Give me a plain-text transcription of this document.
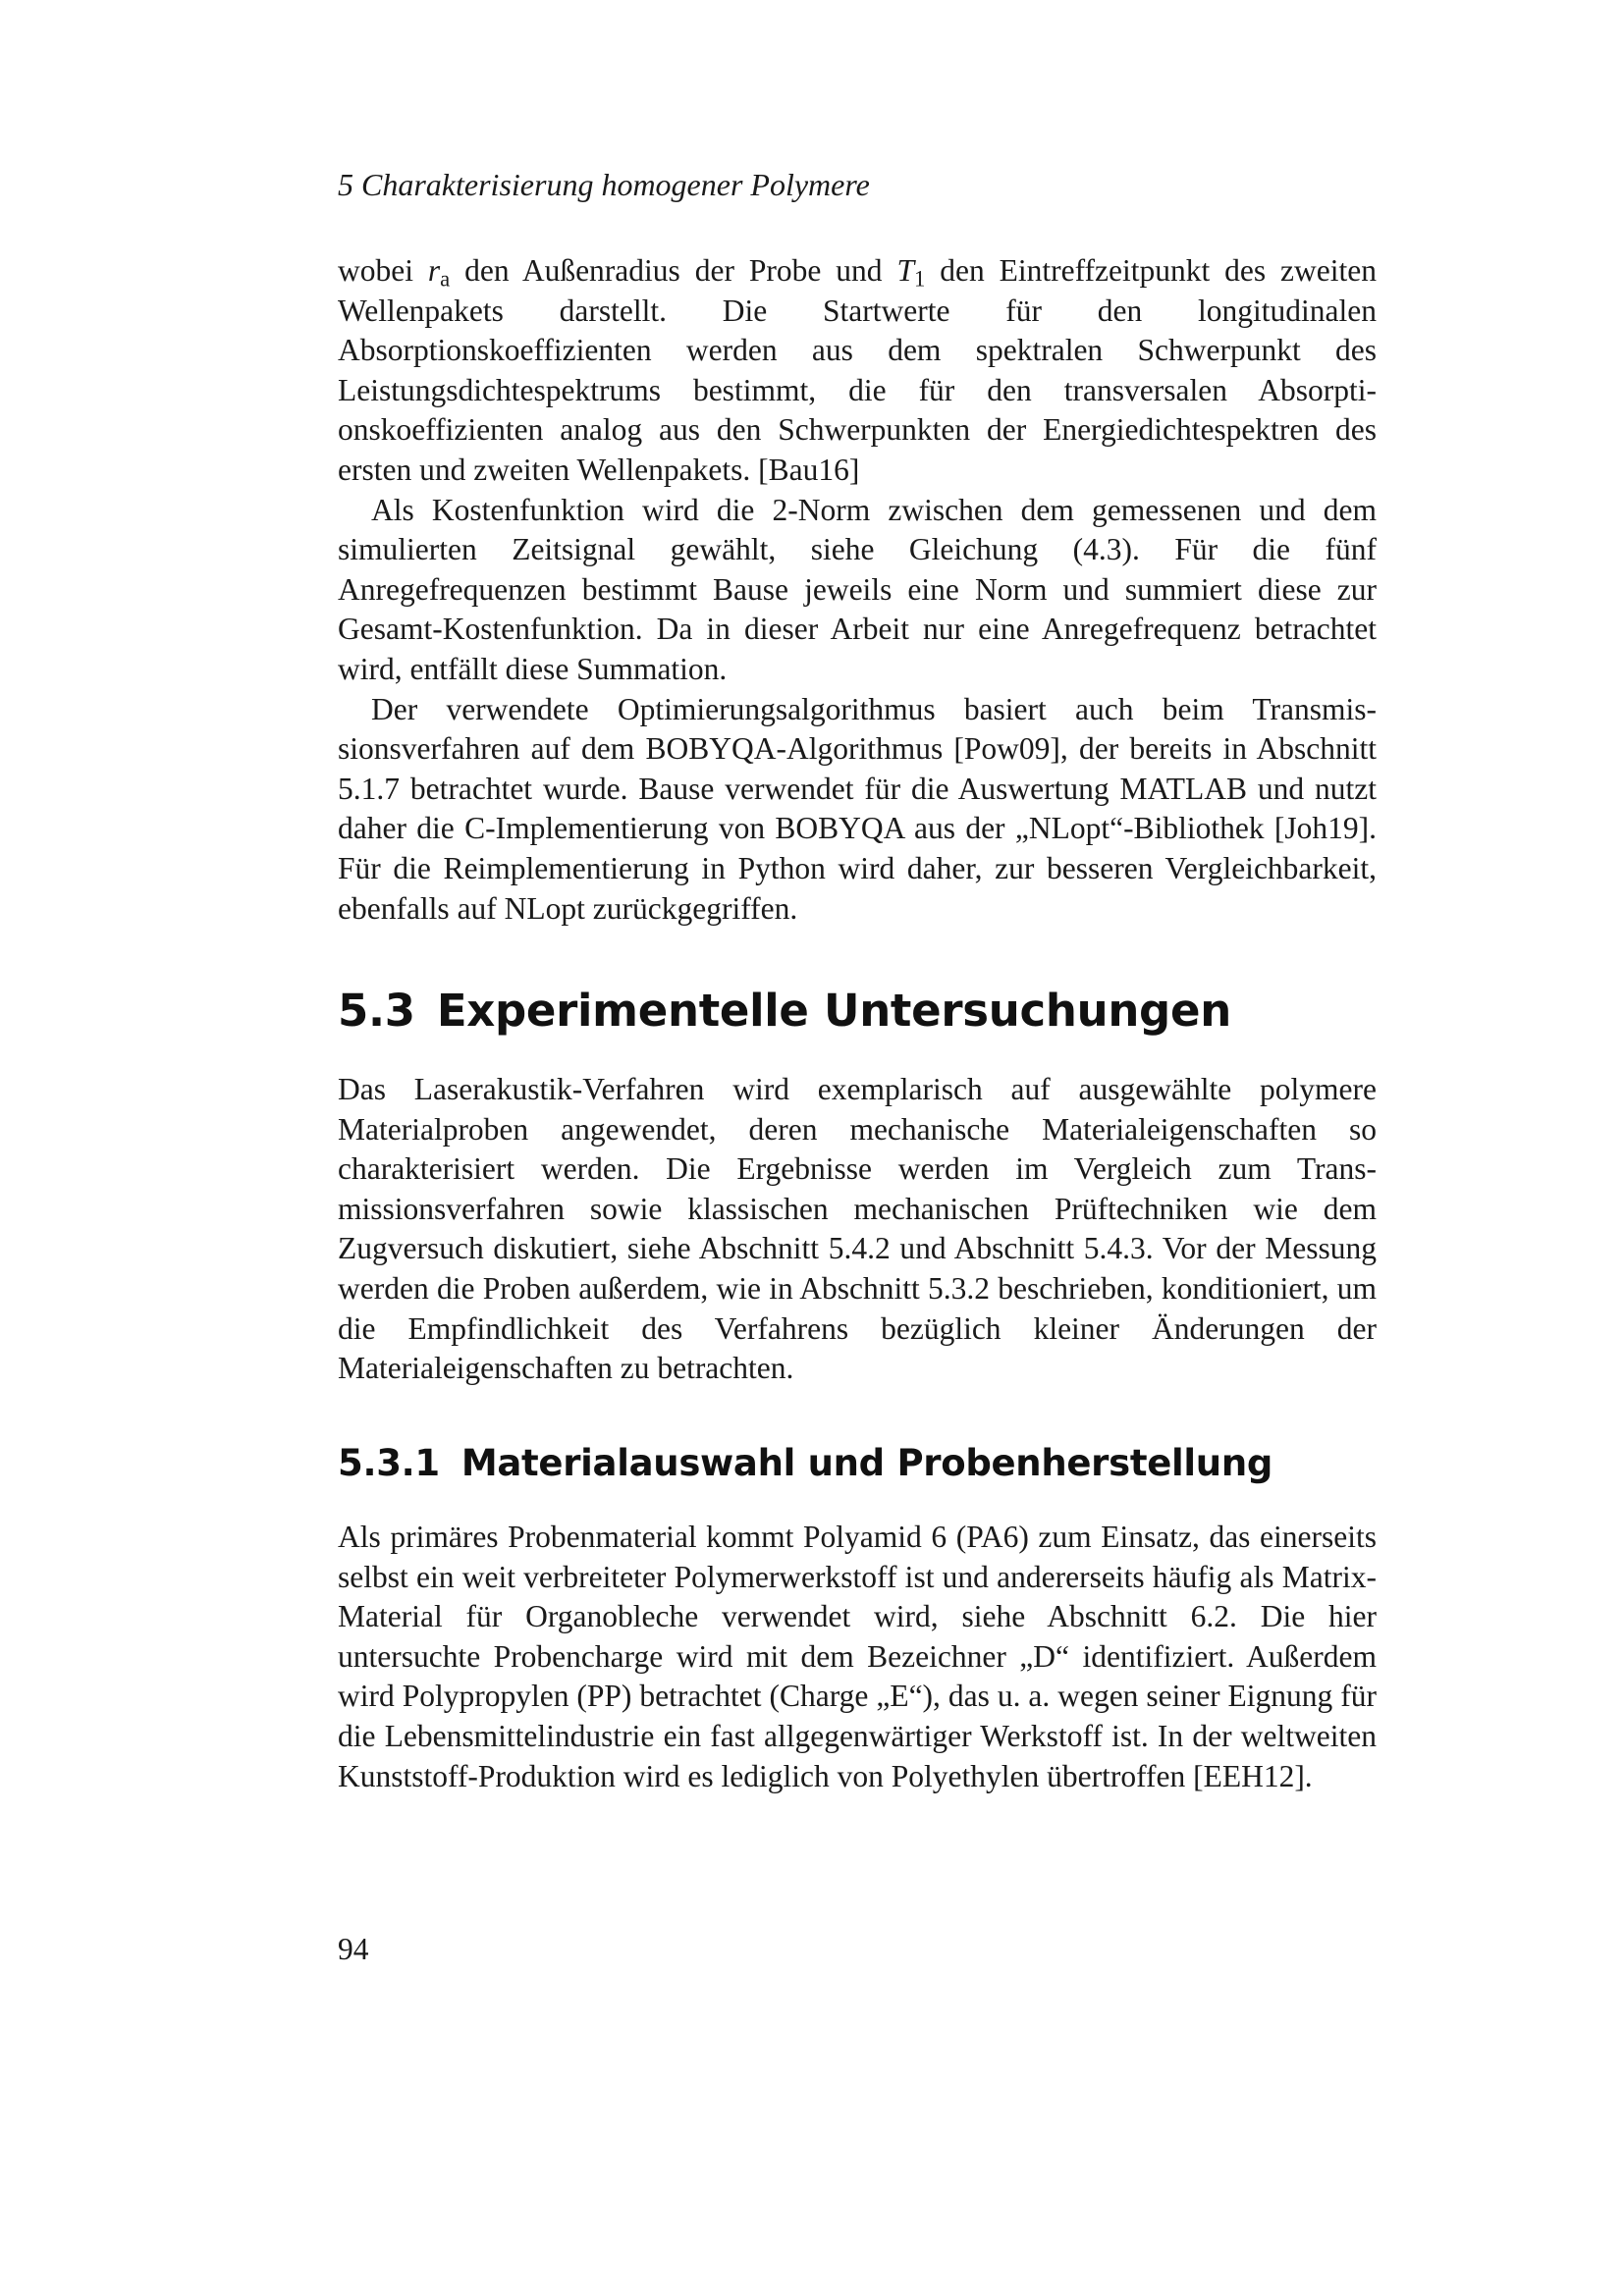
5 Charakterisierung homogener Polymere

wobei $r_a$ den Außenradius der Probe und $T_1$ den Eintreffzeitpunkt des zweiten Wellenpakets darstellt. Die Startwerte für den longitudinalen Absorptionskoeffizienten werden aus dem spektralen Schwerpunkt des Leistungsdichtespektrums bestimmt, die für den transversalen Absorptionskoeffizienten analog aus den Schwerpunkten der Energiedichtespektren des ersten und zweiten Wellenpakets. [Bau16]

Als Kostenfunktion wird die 2-Norm zwischen dem gemessenen und dem simulierten Zeitsignal gewählt, siehe Gleichung (4.3). Für die fünf Anregefrequenzen bestimmt Bause jeweils eine Norm und summiert diese zur Gesamt-Kostenfunktion. Da in dieser Arbeit nur eine Anregefrequenz betrachtet wird, entfällt diese Summation.

Der verwendete Optimierungsalgorithmus basiert auch beim Transmissionsverfahren auf dem BOBYQA-Algorithmus [Pow09], der bereits in Abschnitt 5.1.7 betrachtet wurde. Bause verwendet für die Auswertung MATLAB und nutzt daher die C-Implementierung von BOBYQA aus der „NLopt“-Bibliothek [Joh19]. Für die Reimplementierung in Python wird daher, zur besseren Vergleichbarkeit, ebenfalls auf NLopt zurückgegriffen.

5.3 Experimentelle Untersuchungen

Das Laserakustik-Verfahren wird exemplarisch auf ausgewählte polymere Materialproben angewendet, deren mechanische Materialeigenschaften so charakterisiert werden. Die Ergebnisse werden im Vergleich zum Transmissionsverfahren sowie klassischen mechanischen Prüftechniken wie dem Zugversuch diskutiert, siehe Abschnitt 5.4.2 und Abschnitt 5.4.3. Vor der Messung werden die Proben außerdem, wie in Abschnitt 5.3.2 beschrieben, konditioniert, um die Empfindlichkeit des Verfahrens bezüglich kleiner Änderungen der Materialeigenschaften zu betrachten.

5.3.1 Materialauswahl und Probenherstellung

Als primäres Probenmaterial kommt Polyamid 6 (PA6) zum Einsatz, das einerseits selbst ein weit verbreiteter Polymerwerkstoff ist und andererseits häufig als Matrix-Material für Organobleche verwendet wird, siehe Abschnitt 6.2. Die hier untersuchte Probencharge wird mit dem Bezeichner „D“ identifiziert. Außerdem wird Polypropylen (PP) betrachtet (Charge „E“), das u. a. wegen seiner Eignung für die Lebensmittelindustrie ein fast allgegenwärtiger Werkstoff ist. In der weltweiten Kunststoff-Produktion wird es lediglich von Polyethylen übertroffen [EEH12].

94
